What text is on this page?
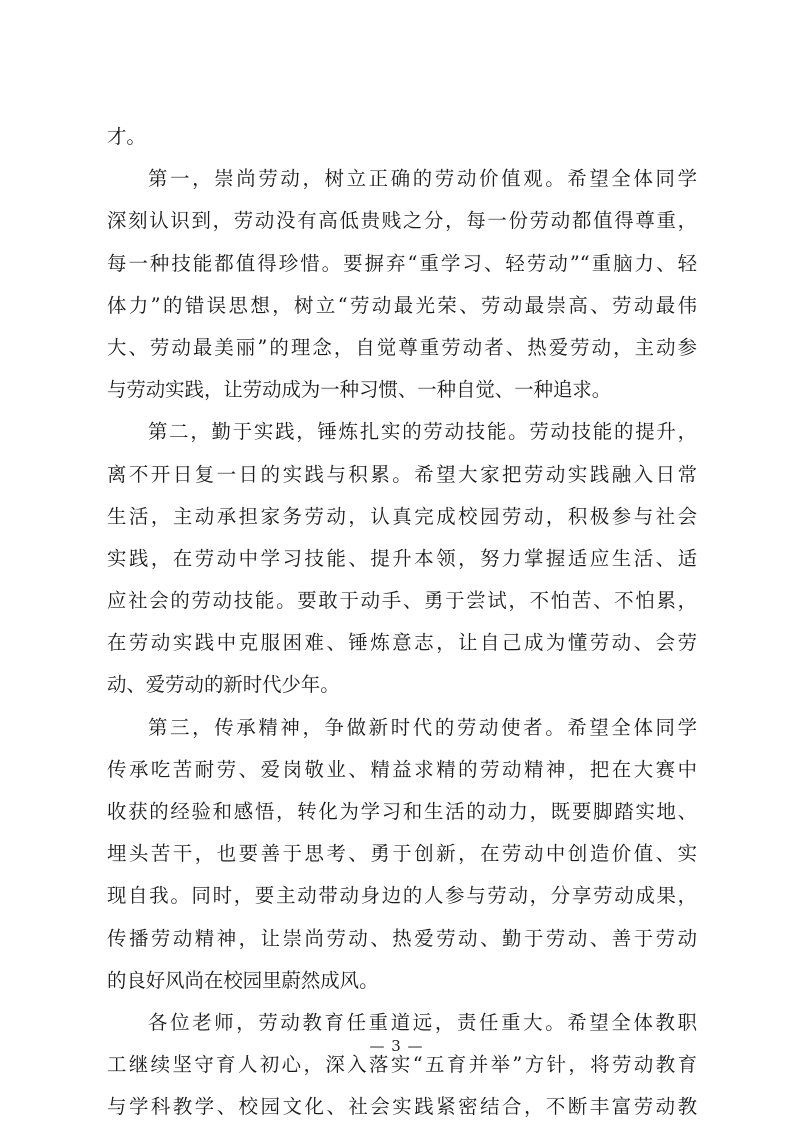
才。
第一，崇尚劳动，树立正确的劳动价值观。希望全体同学
深刻认识到，劳动没有高低贵贱之分，每一份劳动都值得尊重，
每一种技能都值得珍惜。要摒弃“重学习、轻劳动”“重脑力、轻
体力”的错误思想，树立“劳动最光荣、劳动最崇高、劳动最伟
大、劳动最美丽”的理念，自觉尊重劳动者、热爱劳动，主动参
与劳动实践，让劳动成为一种习惯、一种自觉、一种追求。
第二，勤于实践，锤炼扎实的劳动技能。劳动技能的提升，
离不开日复一日的实践与积累。希望大家把劳动实践融入日常
生活，主动承担家务劳动，认真完成校园劳动，积极参与社会
实践，在劳动中学习技能、提升本领，努力掌握适应生活、适
应社会的劳动技能。要敢于动手、勇于尝试，不怕苦、不怕累，
在劳动实践中克服困难、锤炼意志，让自己成为懂劳动、会劳
动、爱劳动的新时代少年。
第三，传承精神，争做新时代的劳动使者。希望全体同学
传承吃苦耐劳、爱岗敬业、精益求精的劳动精神，把在大赛中
收获的经验和感悟，转化为学习和生活的动力，既要脚踏实地、
埋头苦干，也要善于思考、勇于创新，在劳动中创造价值、实
现自我。同时，要主动带动身边的人参与劳动，分享劳动成果，
传播劳动精神，让崇尚劳动、热爱劳动、勤于劳动、善于劳动
的良好风尚在校园里蔚然成风。
各位老师，劳动教育任重道远，责任重大。希望全体教职
工继续坚守育人初心，深入落实“五育并举”方针，将劳动教育
与学科教学、校园文化、社会实践紧密结合，不断丰富劳动教
— 3 —
